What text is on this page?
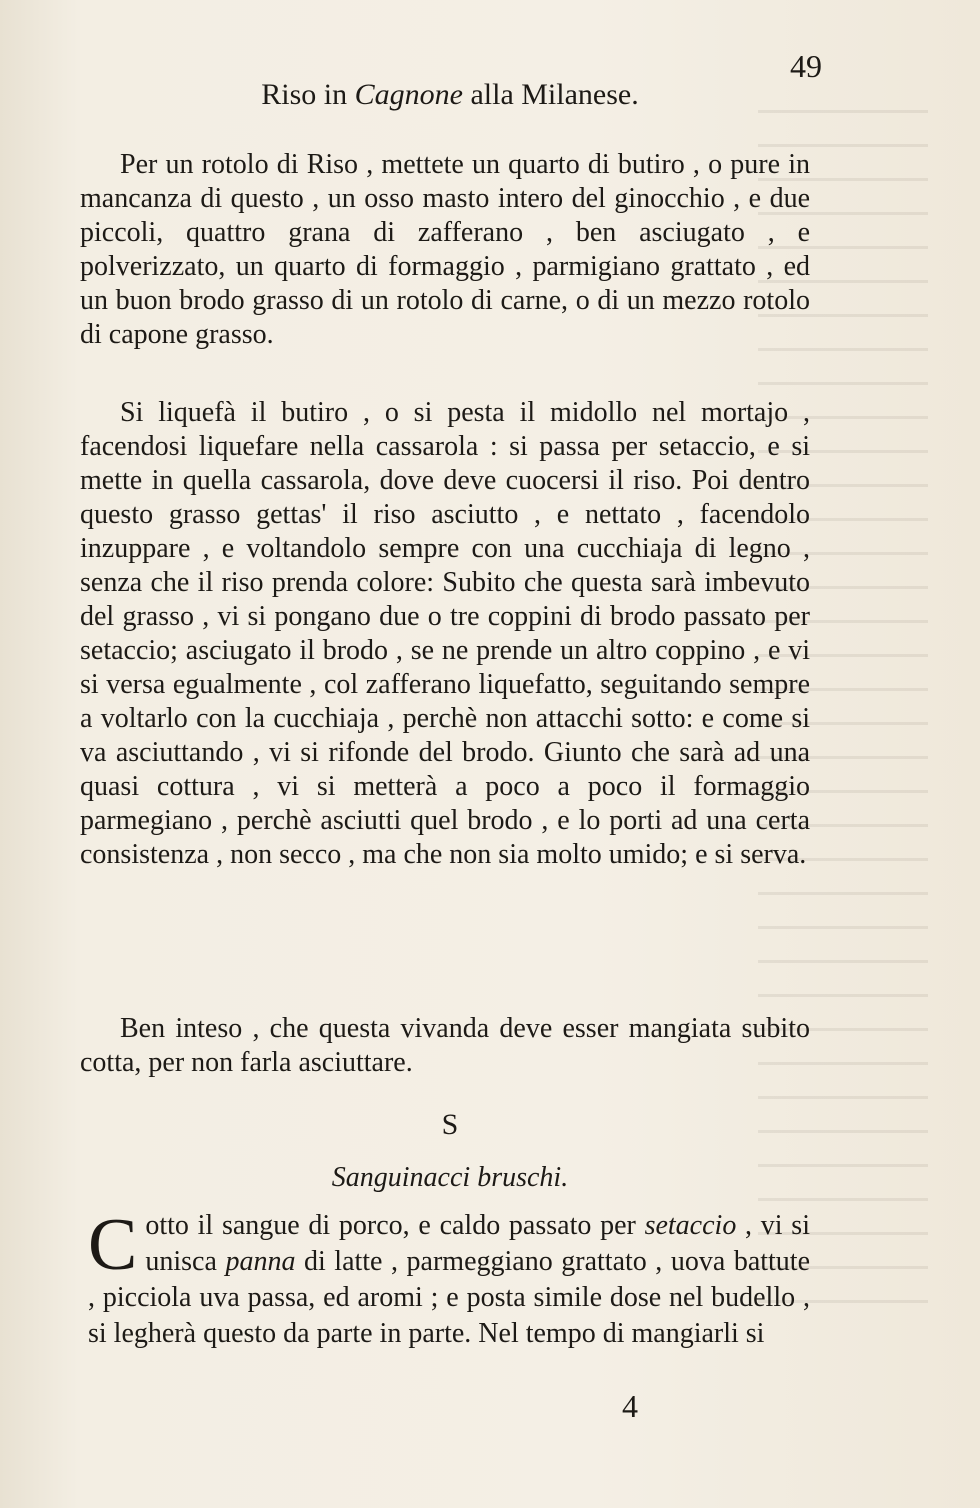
49
Riso in Cagnone alla Milanese.

Per un rotolo di Riso , mettete un quarto di butiro , o pure in mancanza di questo , un osso masto intero del ginocchio , e due piccoli, quattro grana di zafferano , ben asciugato , e polverizzato, un quarto di formaggio , parmigiano grattato , ed un buon brodo grasso di un rotolo di carne, o di un mezzo rotolo di capone grasso.

Si liquefà il butiro , o si pesta il midollo nel mortajo , facendosi liquefare nella cassarola : si passa per setaccio, e si mette in quella cassarola, dove deve cuocersi il riso. Poi dentro questo grasso gettas' il riso asciutto , e nettato , facendolo inzuppare , e voltandolo sempre con una cucchiaja di legno , senza che il riso prenda colore: Subito che questa sarà imbevuto del grasso , vi si pongano due o tre coppini di brodo passato per setaccio; asciugato il brodo , se ne prende un altro coppino , e vi si versa egualmente , col zafferano liquefatto, seguitando sempre a voltarlo con la cucchiaja , perchè non attacchi sotto: e come si va asciuttando , vi si rifonde del brodo. Giunto che sarà ad una quasi cottura , vi si metterà a poco a poco il formaggio parmegiano , perchè asciutti quel brodo , e lo porti ad una certa consistenza , non secco , ma che non sia molto umido; e si serva.

Ben inteso , che questa vivanda deve esser mangiata subito cotta, per non farla asciuttare.

S
Sanguinacci bruschi.

Cotto il sangue di porco, e caldo passato per setaccio , vi si unisca panna di latte , parmeggiano grattato , uova battute , picciola uva passa, ed aromi ; e posta simile dose nel budello , si legherà questo da parte in parte. Nel tempo di mangiarli si

4
